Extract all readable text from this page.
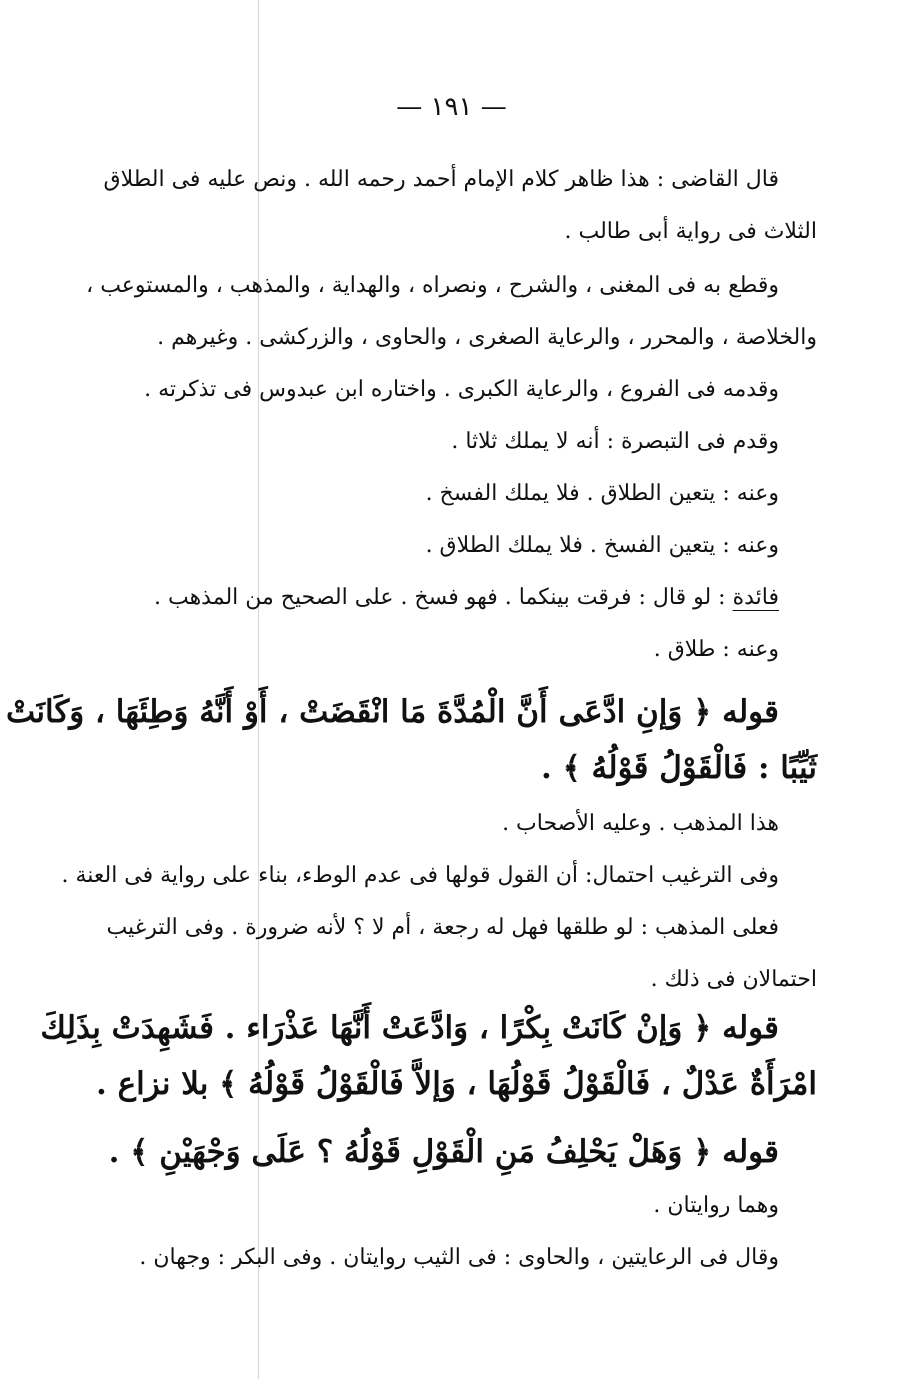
— ١٩١ —
قال القاضى : هذا ظاهر كلام الإمام أحمد رحمه الله . ونص عليه فى الطلاق
الثلاث فى رواية أبى طالب .
وقطع به فى المغنى ، والشرح ، ونصراه ، والهداية ، والمذهب ، والمستوعب ،
والخلاصة ، والمحرر ، والرعاية الصغرى ، والحاوى ، والزركشى . وغيرهم .
وقدمه فى الفروع ، والرعاية الكبرى . واختاره ابن عبدوس فى تذكرته .
وقدم فى التبصرة : أنه لا يملك ثلاثا .
وعنه : يتعين الطلاق . فلا يملك الفسخ .
وعنه : يتعين الفسخ . فلا يملك الطلاق .
فائدة : لو قال : فرقت بينكما . فهو فسخ . على الصحيح من المذهب .
وعنه : طلاق .
قوله ﴿ وَإنِ ادَّعَى أَنَّ الْمُدَّةَ مَا انْقَضَتْ ، أَوْ أَنَّهُ وَطِئَهَا ، وَكَانَتْ
ثَيِّبًا : فَالْقَوْلُ قَوْلُهُ ﴾ .
هذا المذهب . وعليه الأصحاب .
وفى الترغيب احتمال: أن القول قولها فى عدم الوطء، بناء على رواية فى العنة .
فعلى المذهب : لو طلقها فهل له رجعة ، أم لا ؟ لأنه ضرورة . وفى الترغيب
احتمالان فى ذلك .
قوله ﴿ وَإنْ كَانَتْ بِكْرًا ، وَادَّعَتْ أَنَّهَا عَذْرَاء . فَشَهِدَتْ بِذَلِكَ
امْرَأَةٌ عَدْلٌ ، فَالْقَوْلُ قَوْلُهَا ، وَإلاَّ فَالْقَوْلُ قَوْلُهُ ﴾ بلا نزاع .
قوله ﴿ وَهَلْ يَحْلِفُ مَنِ الْقَوْلِ قَوْلُهُ ؟ عَلَى وَجْهَيْنِ ﴾ .
وهما روايتان .
وقال فى الرعايتين ، والحاوى : فى الثيب روايتان . وفى البكر : وجهان .
